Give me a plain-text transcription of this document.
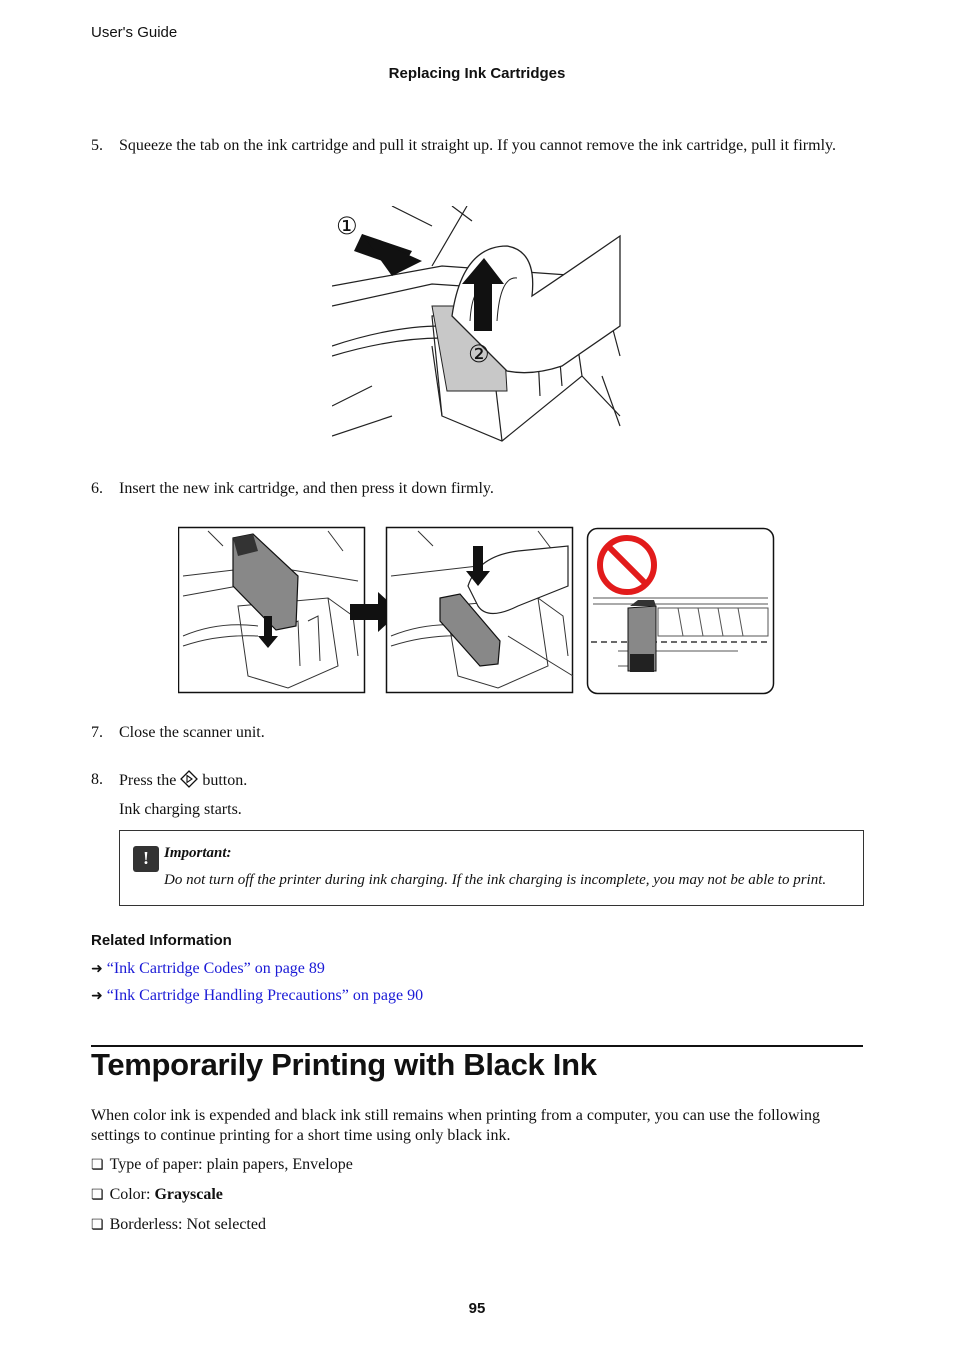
User's Guide
Replacing Ink Cartridges
5. Squeeze the tab on the ink cartridge and pull it straight up. If you cannot remove the ink cartridge, pull it firmly.
①
②
6. Insert the new ink cartridge, and then press it down firmly.
7. Close the scanner unit.
8. Press the button.
Ink charging starts.
!	Important:
Do not turn off the printer during ink charging. If the ink charging is incomplete, you may not be able to print.
Related Information
➜ “Ink Cartridge Codes” on page 89
➜ “Ink Cartridge Handling Precautions” on page 90
Temporarily Printing with Black Ink
When color ink is expended and black ink still remains when printing from a computer, you can use the following settings to continue printing for a short time using only black ink.
❏ Type of paper: plain papers, Envelope
❏ Color: Grayscale
❏ Borderless: Not selected
95
